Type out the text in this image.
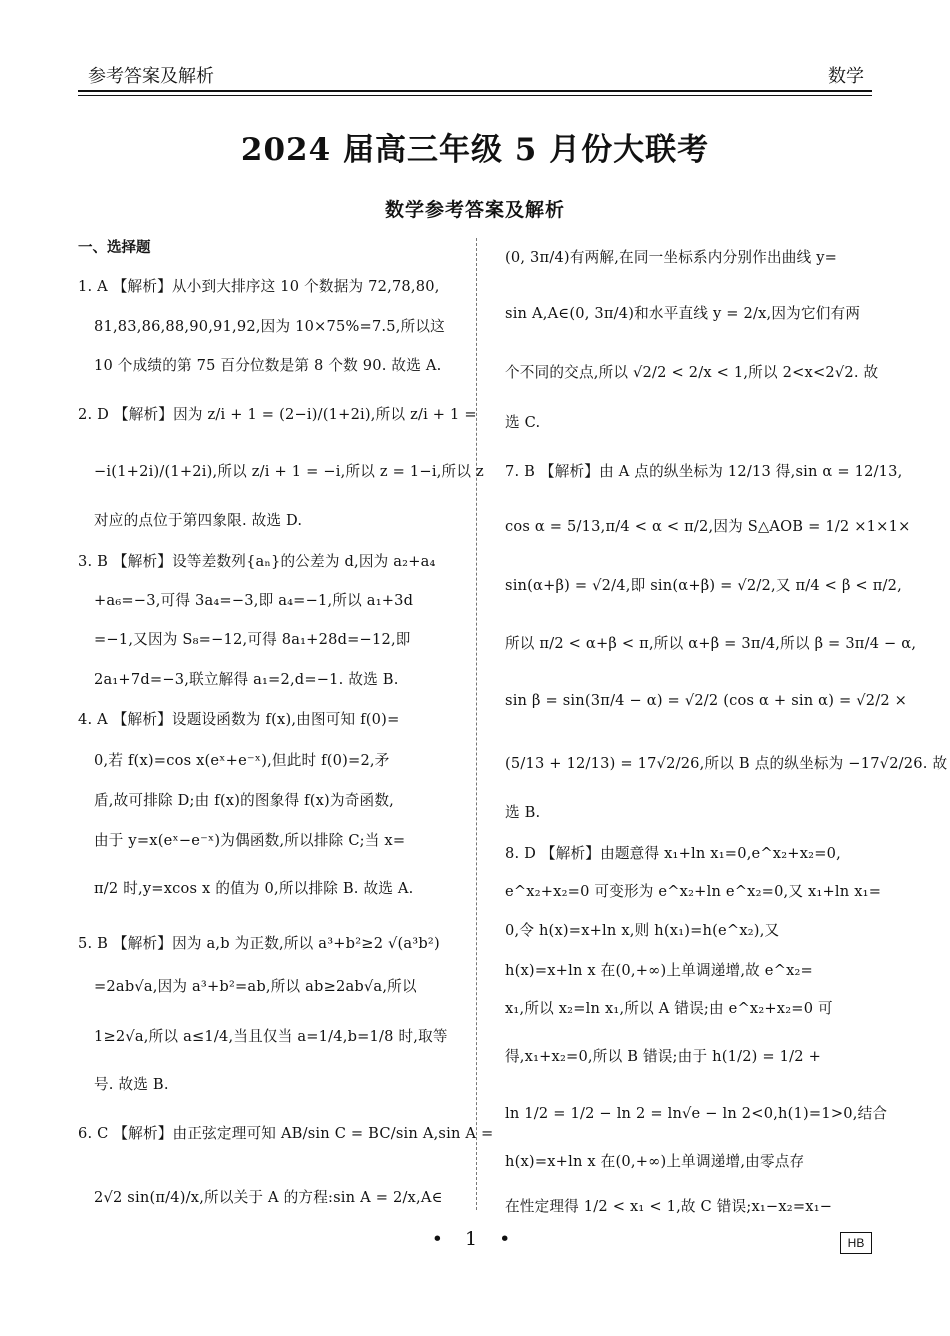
参考答案及解析	数学
2024 届高三年级 5 月份大联考
数学参考答案及解析
一、选择题
1. A 【解析】从小到大排序这 10 个数据为 72,78,80,
81,83,86,88,90,91,92,因为 10×75%=7.5,所以这
10 个成绩的第 75 百分位数是第 8 个数 90. 故选 A.
2. D 【解析】因为 z/i + 1 = (2−i)/(1+2i),所以 z/i + 1 =
−i(1+2i)/(1+2i),所以 z/i + 1 = −i,所以 z = 1−i,所以 z
对应的点位于第四象限. 故选 D.
3. B 【解析】设等差数列{aₙ}的公差为 d,因为 a₂+a₄
+a₆=−3,可得 3a₄=−3,即 a₄=−1,所以 a₁+3d
=−1,又因为 S₈=−12,可得 8a₁+28d=−12,即
2a₁+7d=−3,联立解得 a₁=2,d=−1. 故选 B.
4. A 【解析】设题设函数为 f(x),由图可知 f(0)=
0,若 f(x)=cos x(eˣ+e⁻ˣ),但此时 f(0)=2,矛
盾,故可排除 D;由 f(x)的图象得 f(x)为奇函数,
由于 y=x(eˣ−e⁻ˣ)为偶函数,所以排除 C;当 x=
π/2 时,y=xcos x 的值为 0,所以排除 B. 故选 A.
5. B 【解析】因为 a,b 为正数,所以 a³+b²≥2 √(a³b²)
=2ab√a,因为 a³+b²=ab,所以 ab≥2ab√a,所以
1≥2√a,所以 a≤1/4,当且仅当 a=1/4,b=1/8 时,取等
号. 故选 B.
6. C 【解析】由正弦定理可知 AB/sin C = BC/sin A,sin A =
2√2 sin(π/4)/x,所以关于 A 的方程:sin A = 2/x,A∈
(0, 3π/4)有两解,在同一坐标系内分别作出曲线 y=
sin A,A∈(0, 3π/4)和水平直线 y = 2/x,因为它们有两
个不同的交点,所以 √2/2 < 2/x < 1,所以 2<x<2√2. 故
选 C.
7. B 【解析】由 A 点的纵坐标为 12/13 得,sin α = 12/13,
cos α = 5/13,π/4 < α < π/2,因为 S△AOB = 1/2 ×1×1×
sin(α+β) = √2/4,即 sin(α+β) = √2/2,又 π/4 < β < π/2,
所以 π/2 < α+β < π,所以 α+β = 3π/4,所以 β = 3π/4 − α,
sin β = sin(3π/4 − α) = √2/2 (cos α + sin α) = √2/2 ×
(5/13 + 12/13) = 17√2/26,所以 B 点的纵坐标为 −17√2/26. 故
选 B.
8. D 【解析】由题意得 x₁+ln x₁=0,e^x₂+x₂=0,
e^x₂+x₂=0 可变形为 e^x₂+ln e^x₂=0,又 x₁+ln x₁=
0,令 h(x)=x+ln x,则 h(x₁)=h(e^x₂),又
h(x)=x+ln x 在(0,+∞)上单调递增,故 e^x₂=
x₁,所以 x₂=ln x₁,所以 A 错误;由 e^x₂+x₂=0 可
得,x₁+x₂=0,所以 B 错误;由于 h(1/2) = 1/2 +
ln 1/2 = 1/2 − ln 2 = ln√e − ln 2<0,h(1)=1>0,结合
h(x)=x+ln x 在(0,+∞)上单调递增,由零点存
在性定理得 1/2 < x₁ < 1,故 C 错误;x₁−x₂=x₁−
• 1 •	HB
